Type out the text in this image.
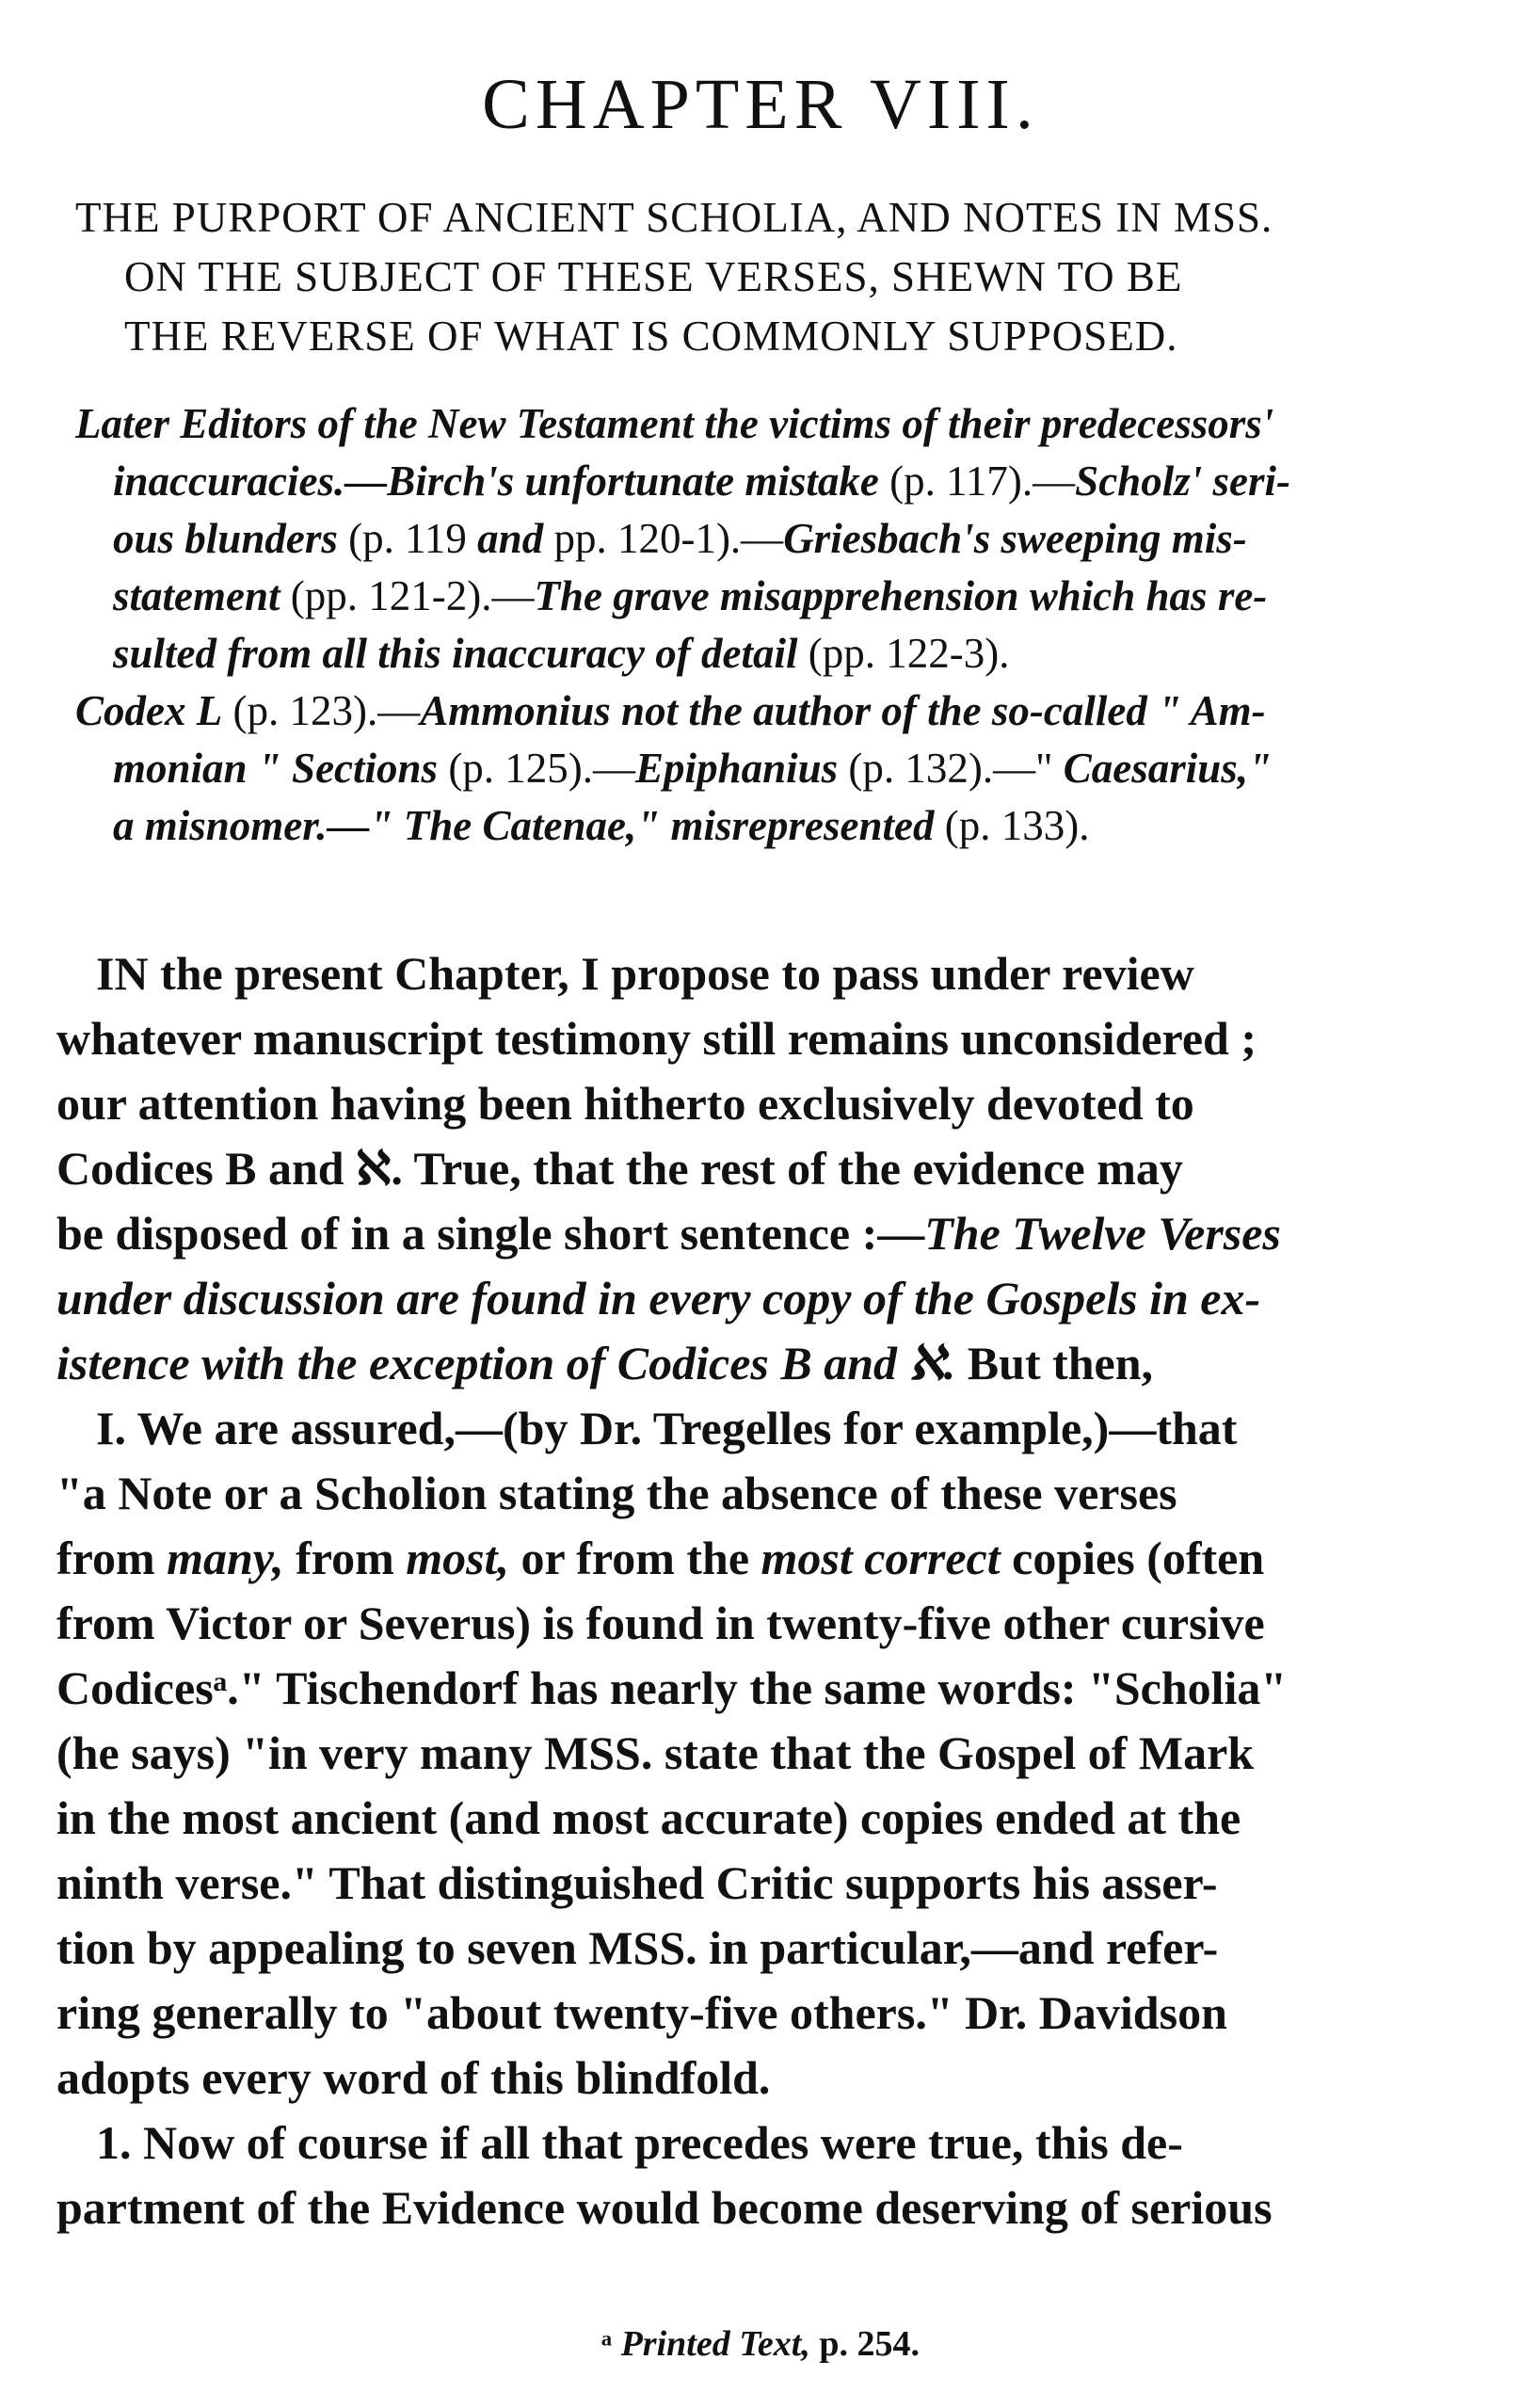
CHAPTER VIII.
THE PURPORT OF ANCIENT SCHOLIA, AND NOTES IN MSS.
ON THE SUBJECT OF THESE VERSES, SHEWN TO BE
THE REVERSE OF WHAT IS COMMONLY SUPPOSED.
Later Editors of the New Testament the victims of their predecessors'
inaccuracies.—Birch's unfortunate mistake (p. 117).—Scholz' seri-
ous blunders (p. 119 and pp. 120-1).—Griesbach's sweeping mis-
statement (pp. 121-2).—The grave misapprehension which has re-
sulted from all this inaccuracy of detail (pp. 122-3).
Codex L (p. 123).—Ammonius not the author of the so-called " Am-
monian " Sections (p. 125).—Epiphanius (p. 132).—" Caesarius,"
a misnomer.—" The Catenae," misrepresented (p. 133).
IN the present Chapter, I propose to pass under review
whatever manuscript testimony still remains unconsidered ;
our attention having been hitherto exclusively devoted to
Codices B and ℵ. True, that the rest of the evidence may
be disposed of in a single short sentence :—The Twelve Verses
under discussion are found in every copy of the Gospels in ex-
istence with the exception of Codices B and ℵ. But then,
I. We are assured,—(by Dr. Tregelles for example,)—that
"a Note or a Scholion stating the absence of these verses
from many, from most, or from the most correct copies (often
from Victor or Severus) is found in twenty-five other cursive
Codicesᵃ." Tischendorf has nearly the same words: "Scholia"
(he says) "in very many MSS. state that the Gospel of Mark
in the most ancient (and most accurate) copies ended at the
ninth verse." That distinguished Critic supports his asser-
tion by appealing to seven MSS. in particular,—and refer-
ring generally to "about twenty-five others." Dr. Davidson
adopts every word of this blindfold.
1. Now of course if all that precedes were true, this de-
partment of the Evidence would become deserving of serious
ᵃ Printed Text, p. 254.
